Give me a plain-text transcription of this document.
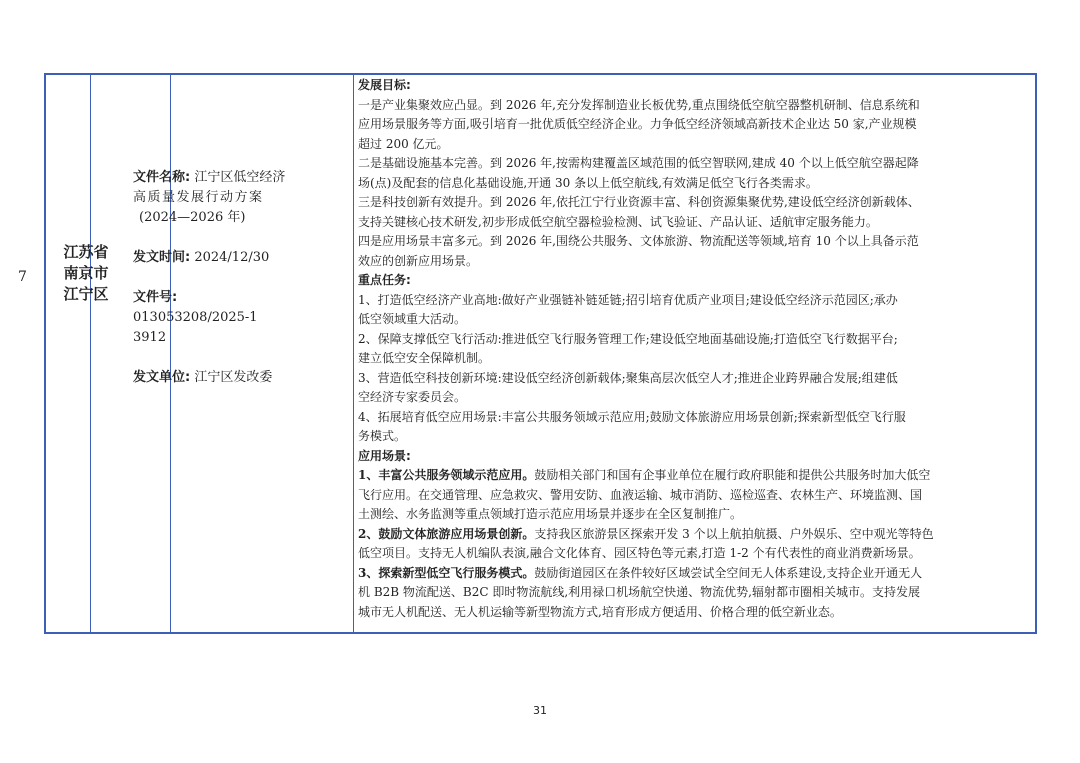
7
江苏省
南京市
江宁区
文件名称: 江宁区低空经济
高质量发展行动方案
(2024—2026 年)
发文时间: 2024/12/30
文件号:
013053208/2025-1
3912
发文单位: 江宁区发改委
发展目标:
一是产业集聚效应凸显。到 2026 年,充分发挥制造业长板优势,重点围绕低空航空器整机研制、信息系统和
应用场景服务等方面,吸引培育一批优质低空经济企业。力争低空经济领域高新技术企业达 50 家,产业规模
超过 200 亿元。
二是基础设施基本完善。到 2026 年,按需构建覆盖区域范围的低空智联网,建成 40 个以上低空航空器起降
场(点)及配套的信息化基础设施,开通 30 条以上低空航线,有效满足低空飞行各类需求。
三是科技创新有效提升。到 2026 年,依托江宁行业资源丰富、科创资源集聚优势,建设低空经济创新载体、
支持关键核心技术研发,初步形成低空航空器检验检测、试飞验证、产品认证、适航审定服务能力。
四是应用场景丰富多元。到 2026 年,围绕公共服务、文体旅游、物流配送等领域,培育 10 个以上具备示范
效应的创新应用场景。
重点任务:
1、打造低空经济产业高地:做好产业强链补链延链;招引培育优质产业项目;建设低空经济示范园区;承办
低空领域重大活动。
2、保障支撑低空飞行活动:推进低空飞行服务管理工作;建设低空地面基础设施;打造低空飞行数据平台;
建立低空安全保障机制。
3、营造低空科技创新环境:建设低空经济创新载体;聚集高层次低空人才;推进企业跨界融合发展;组建低
空经济专家委员会。
4、拓展培育低空应用场景:丰富公共服务领域示范应用;鼓励文体旅游应用场景创新;探索新型低空飞行服
务模式。
应用场景:
1、丰富公共服务领域示范应用。鼓励相关部门和国有企事业单位在履行政府职能和提供公共服务时加大低空
飞行应用。在交通管理、应急救灾、警用安防、血液运输、城市消防、巡检巡查、农林生产、环境监测、国
土测绘、水务监测等重点领域打造示范应用场景并逐步在全区复制推广。
2、鼓励文体旅游应用场景创新。支持我区旅游景区探索开发 3 个以上航拍航摄、户外娱乐、空中观光等特色
低空项目。支持无人机编队表演,融合文化体育、园区特色等元素,打造 1-2 个有代表性的商业消费新场景。
3、探索新型低空飞行服务模式。鼓励街道园区在条件较好区域尝试全空间无人体系建设,支持企业开通无人
机 B2B 物流配送、B2C 即时物流航线,利用禄口机场航空快递、物流优势,辐射都市圈相关城市。支持发展
城市无人机配送、无人机运输等新型物流方式,培育形成方便适用、价格合理的低空新业态。
31
